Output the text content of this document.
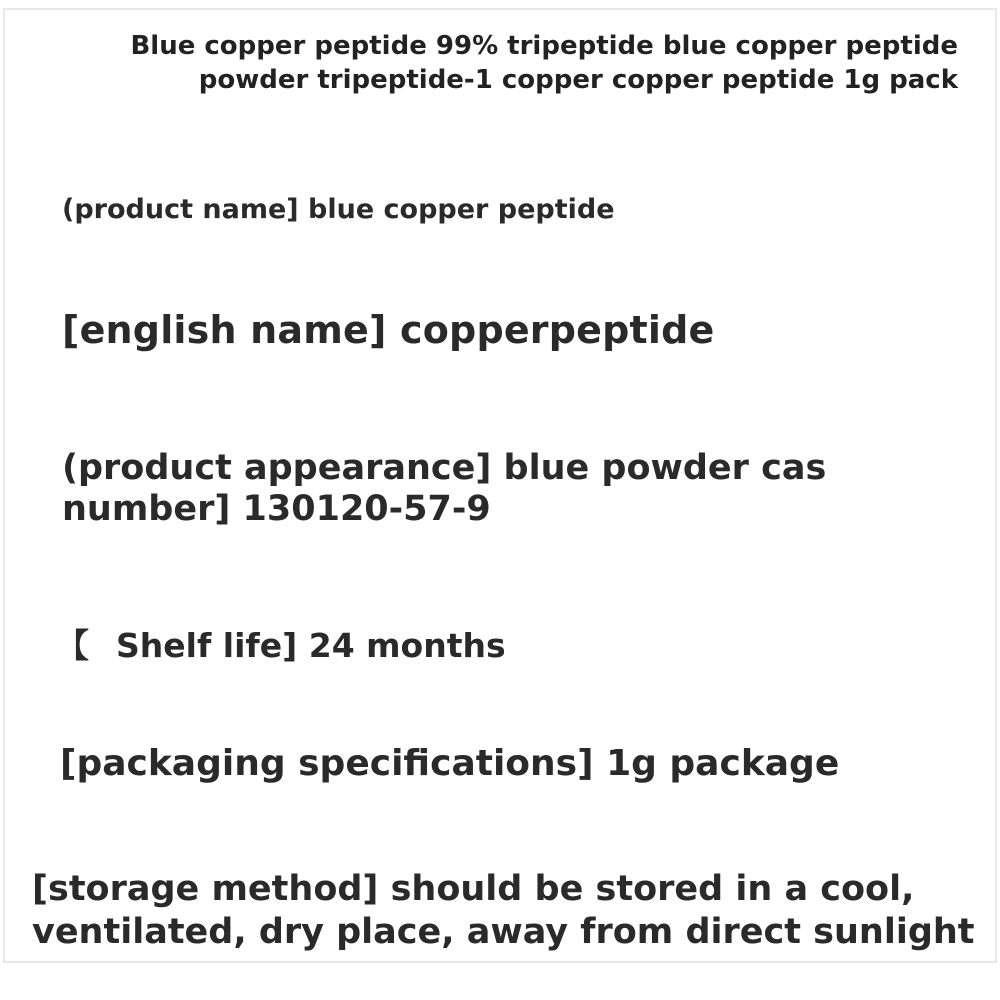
Blue copper peptide 99% tripeptide blue copper peptide
powder tripeptide-1 copper copper peptide 1g pack
(product name] blue copper peptide
[english name] copperpeptide
(product appearance] blue powder cas
number] 130120-57-9
【 Shelf life] 24 months
[packaging specifications] 1g package
[storage method] should be stored in a cool,
ventilated, dry place, away from direct sunlight
